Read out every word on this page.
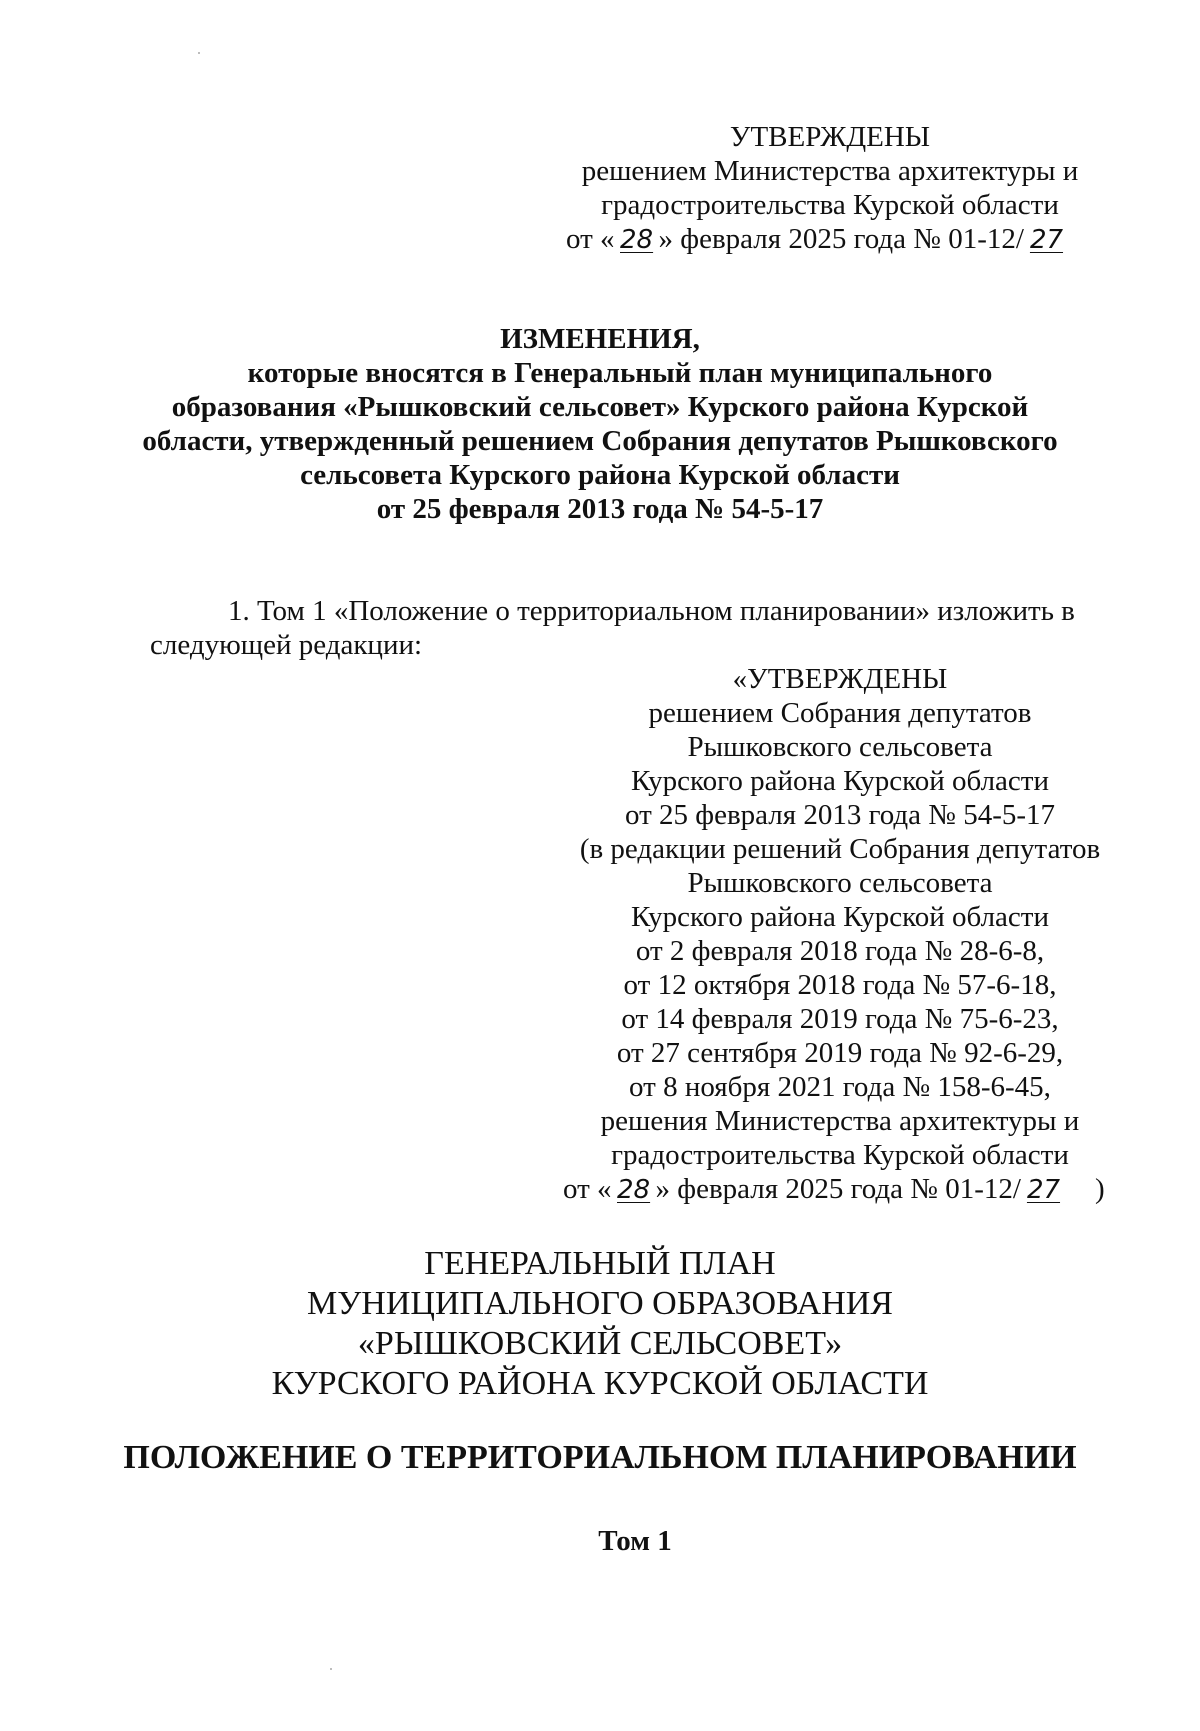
УТВЕРЖДЕНЫ
решением Министерства архитектуры и
градостроительства Курской области
от « 28 » февраля 2025 года № 01-12/ 27
ИЗМЕНЕНИЯ,
которые вносятся в Генеральный план муниципального
образования «Рышковский сельсовет» Курского района Курской
области, утвержденный решением Собрания депутатов Рышковского
сельсовета Курского района Курской области
от 25 февраля 2013 года № 54-5-17
1. Том 1 «Положение о территориальном планировании» изложить в
следующей редакции:
«УТВЕРЖДЕНЫ
решением Собрания депутатов
Рышковского сельсовета
Курского района Курской области
от 25 февраля 2013 года № 54-5-17
(в редакции решений Собрания депутатов
Рышковского сельсовета
Курского района Курской области
от 2 февраля 2018 года № 28-6-8,
от 12 октября 2018 года № 57-6-18,
от 14 февраля 2019 года № 75-6-23,
от 27 сентября 2019 года № 92-6-29,
от 8 ноября 2021 года № 158-6-45,
решения Министерства архитектуры и
градостроительства Курской области
от « 28 » февраля 2025 года № 01-12/ 27 )
ГЕНЕРАЛЬНЫЙ ПЛАН
МУНИЦИПАЛЬНОГО ОБРАЗОВАНИЯ
«РЫШКОВСКИЙ СЕЛЬСОВЕТ»
КУРСКОГО РАЙОНА КУРСКОЙ ОБЛАСТИ
ПОЛОЖЕНИЕ О ТЕРРИТОРИАЛЬНОМ ПЛАНИРОВАНИИ
Том 1
